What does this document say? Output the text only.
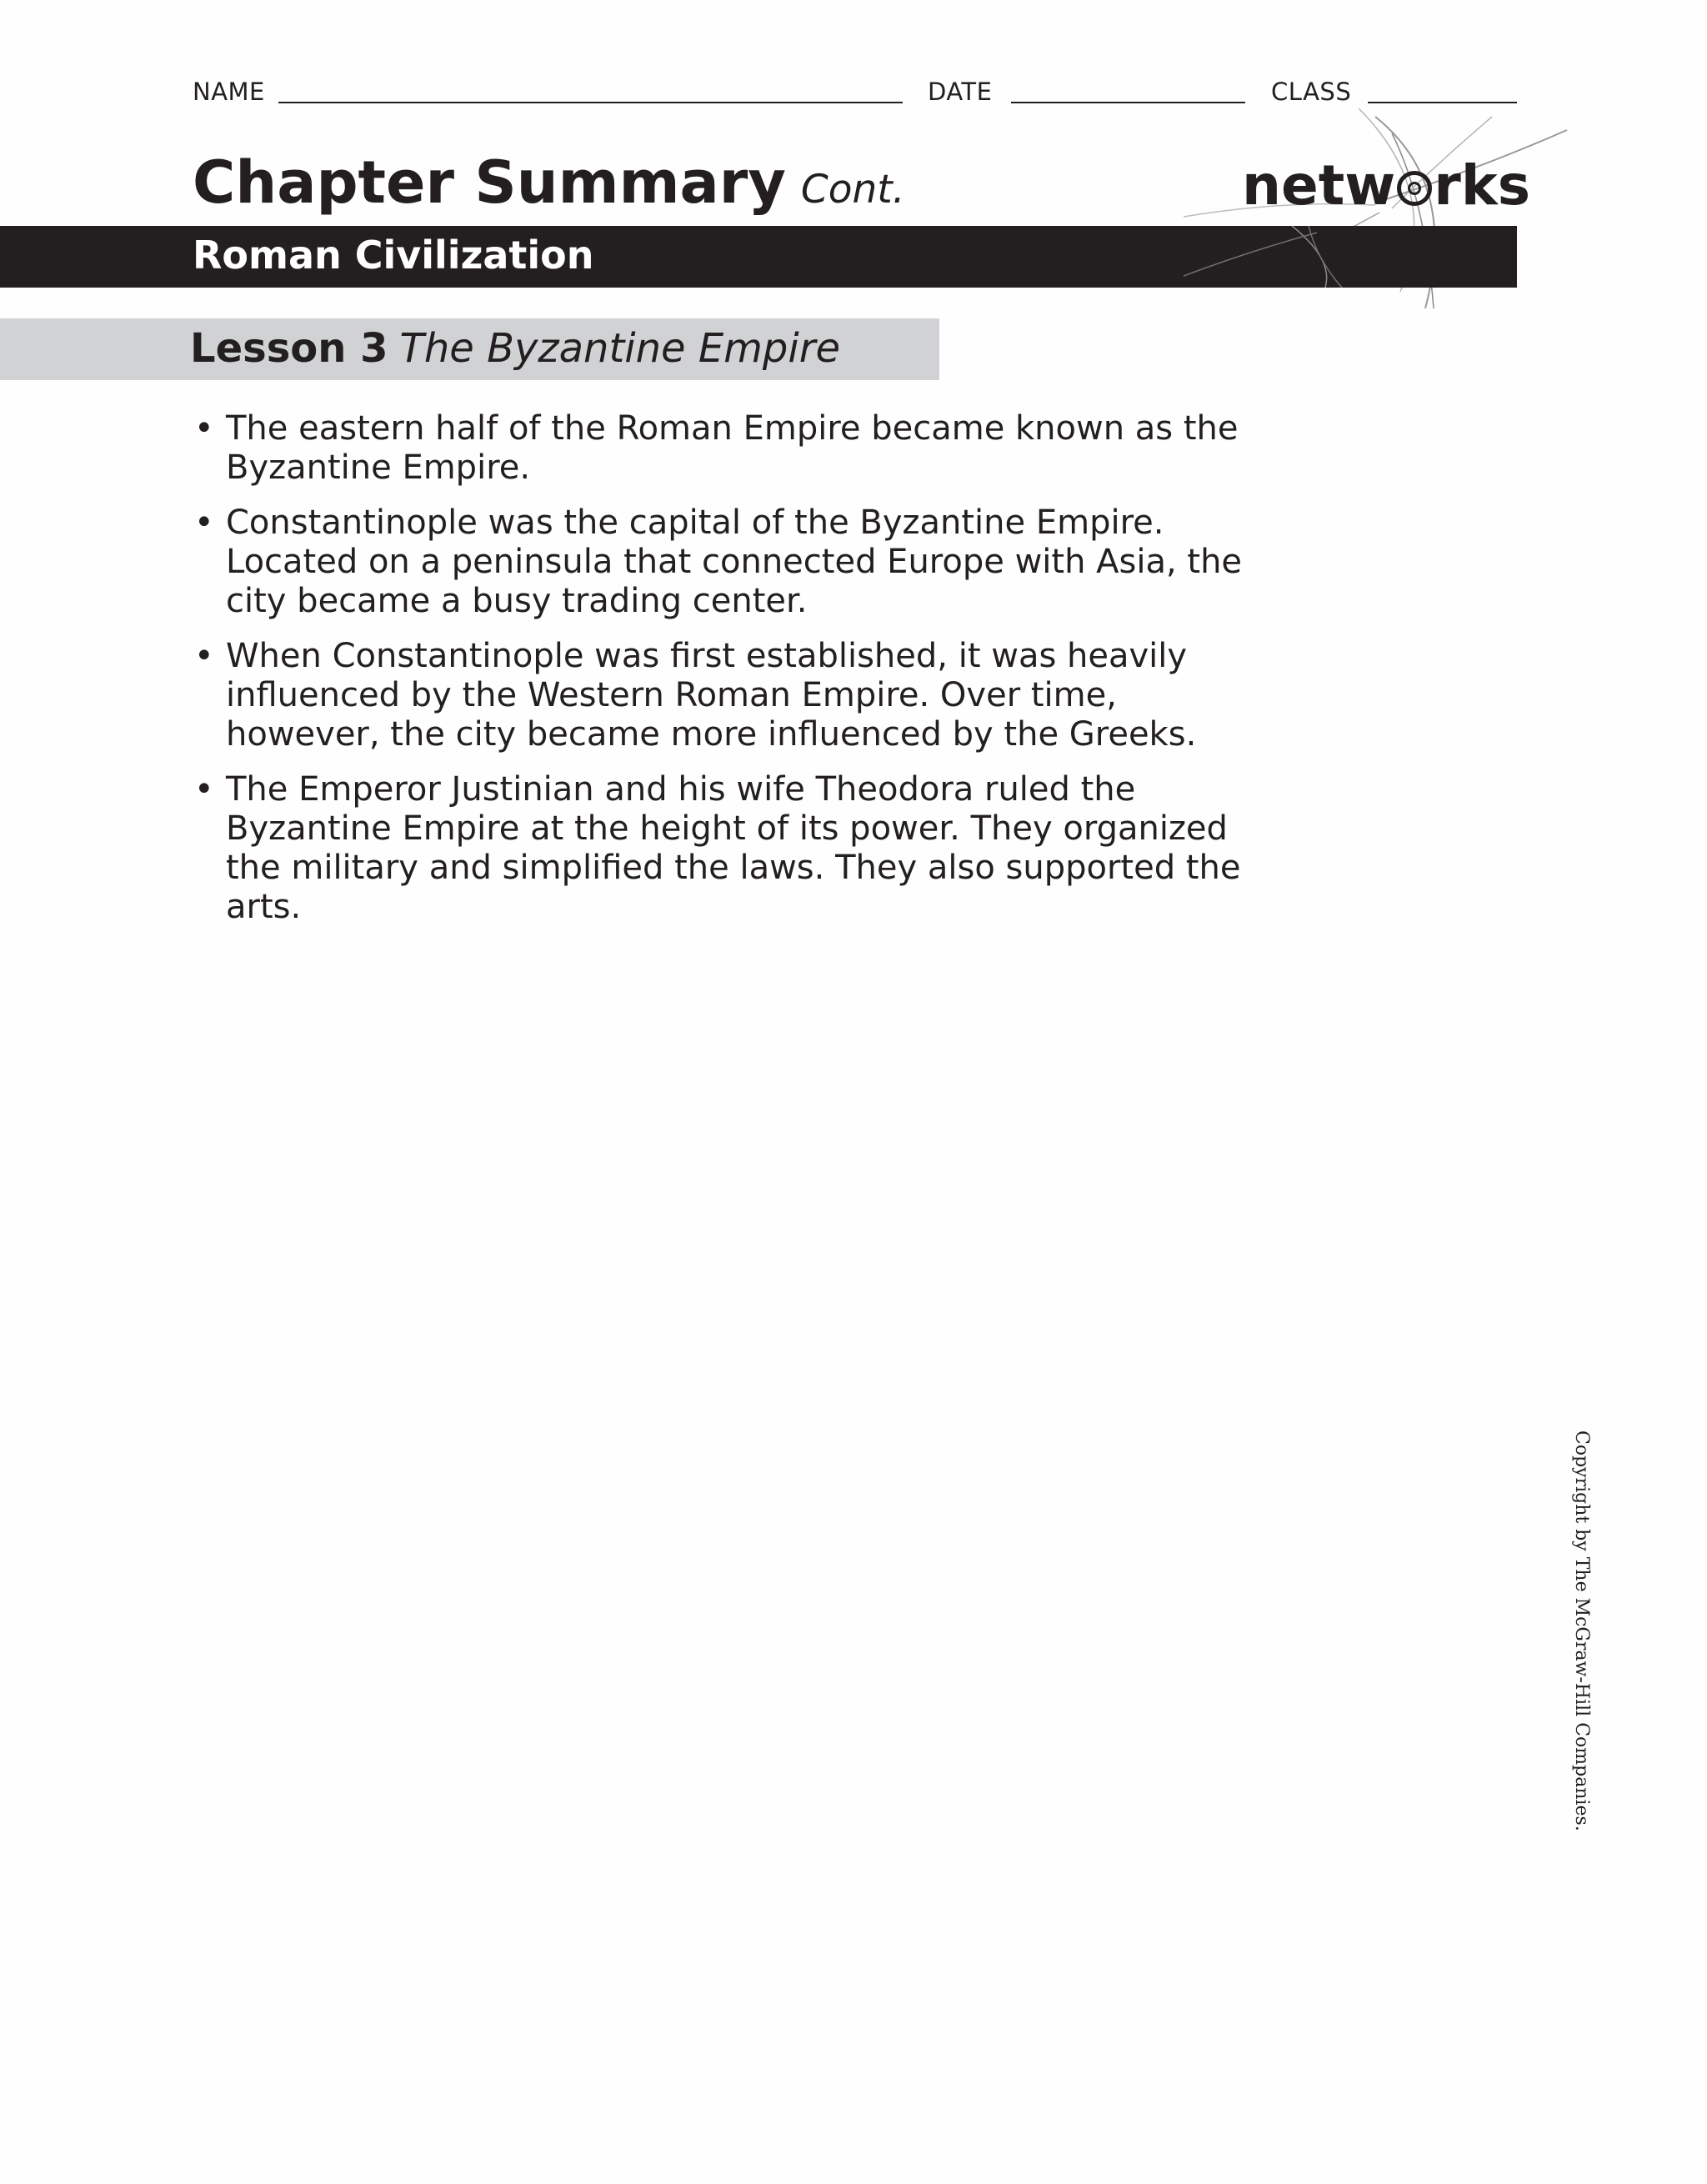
NAME	DATE	CLASS
Chapter Summary Cont.	netw rks
Roman Civilization
Lesson 3 The Byzantine Empire
• The eastern half of the Roman Empire became known as the
Byzantine Empire.
• Constantinople was the capital of the Byzantine Empire.
Located on a peninsula that connected Europe with Asia, the
city became a busy trading center.
• When Constantinople was first established, it was heavily
influenced by the Western Roman Empire. Over time,
however, the city became more influenced by the Greeks.
• The Emperor Justinian and his wife Theodora ruled the
Byzantine Empire at the height of its power. They organized
the military and simplified the laws. They also supported the
arts.
Copyright by The McGraw-Hill Companies.
